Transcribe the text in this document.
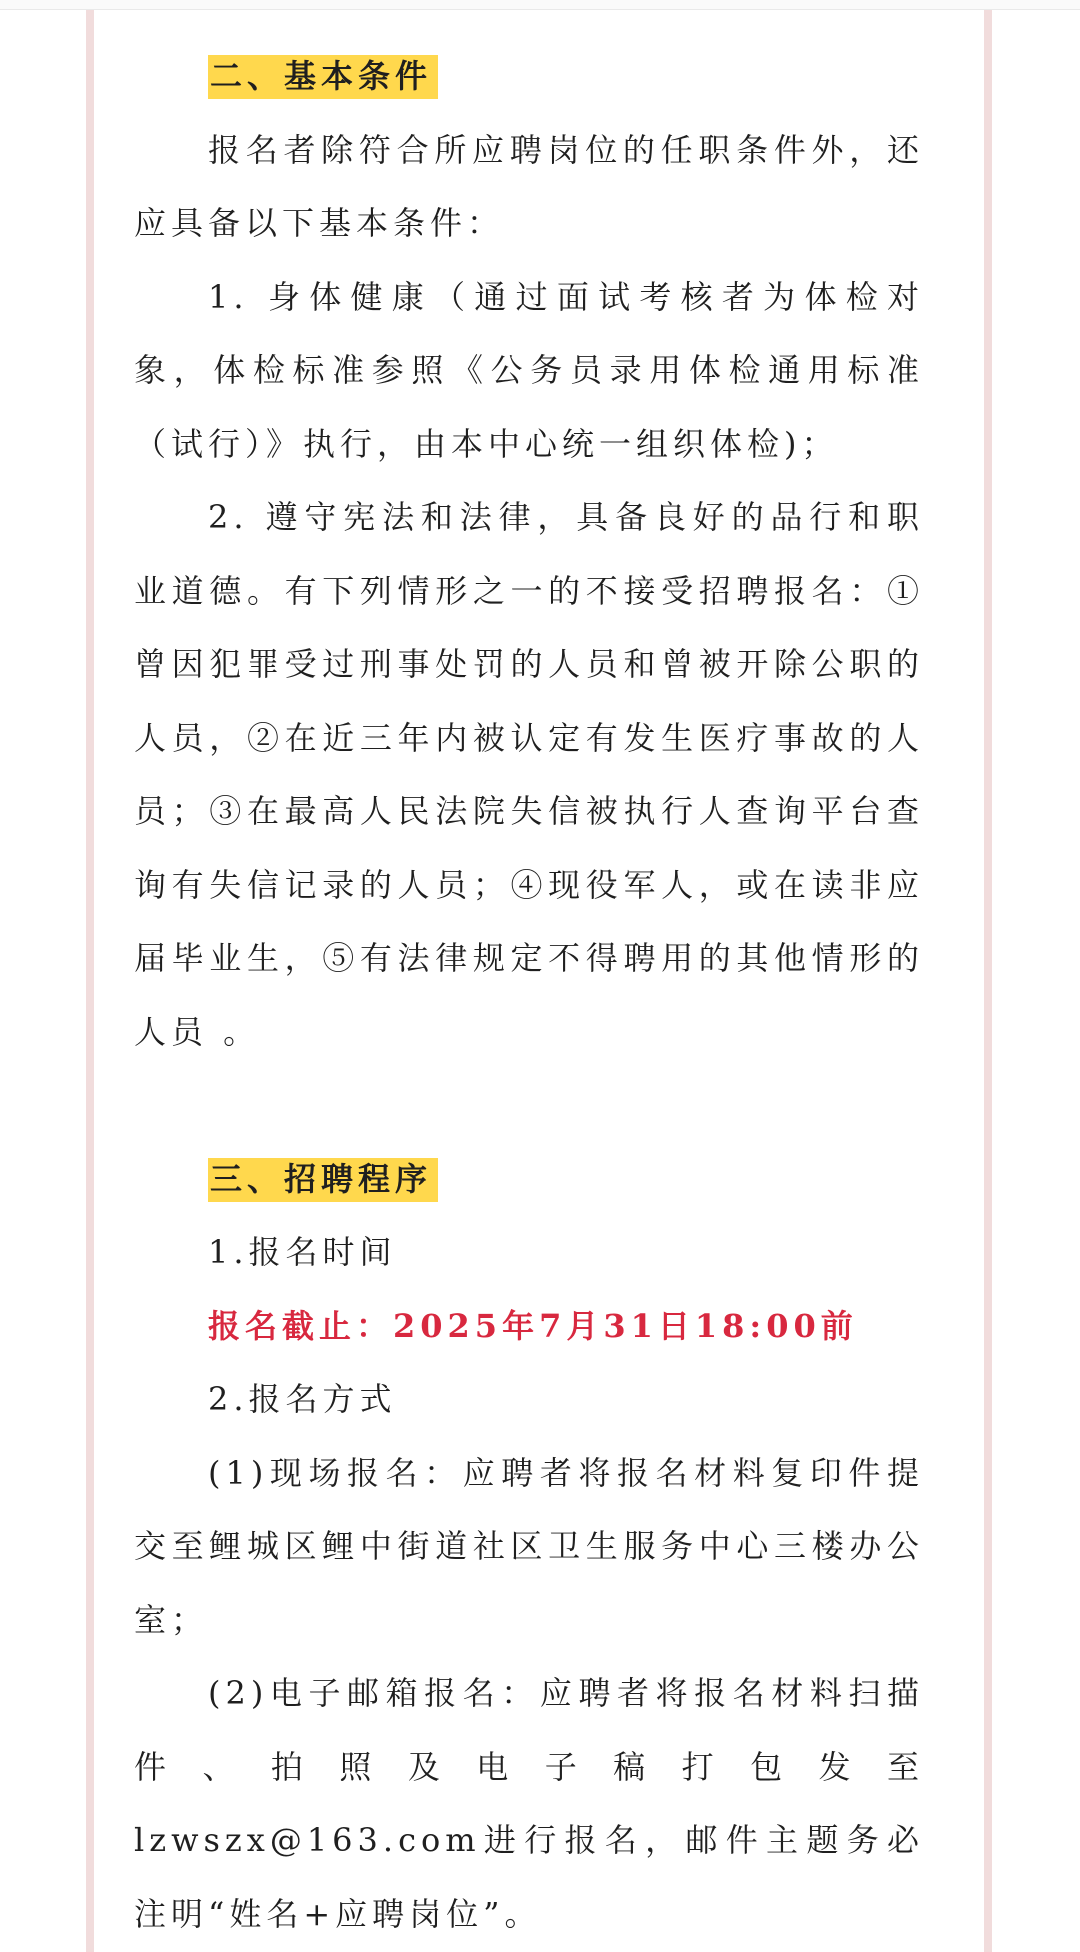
二、基本条件

报名者除符合所应聘岗位的任职条件外，还应具备以下基本条件：

1. 身体健康（通过面试考核者为体检对象，体检标准参照《公务员录用体检通用标准（试行）》执行，由本中心统一组织体检)；

2. 遵守宪法和法律，具备良好的品行和职业道德。有下列情形之一的不接受招聘报名：①曾因犯罪受过刑事处罚的人员和曾被开除公职的人员，②在近三年内被认定有发生医疗事故的人员；③在最高人民法院失信被执行人查询平台查询有失信记录的人员；④现役军人，或在读非应届毕业生，⑤有法律规定不得聘用的其他情形的人员 。

三、招聘程序

1.报名时间

报名截止：2025年7月31日18:00前

2.报名方式

(1)现场报名：应聘者将报名材料复印件提交至鲤城区鲤中街道社区卫生服务中心三楼办公室；

(2)电子邮箱报名：应聘者将报名材料扫描件、拍照及电子稿打包发至lzwszx@163.com进行报名，邮件主题务必注明“姓名+应聘岗位”。
